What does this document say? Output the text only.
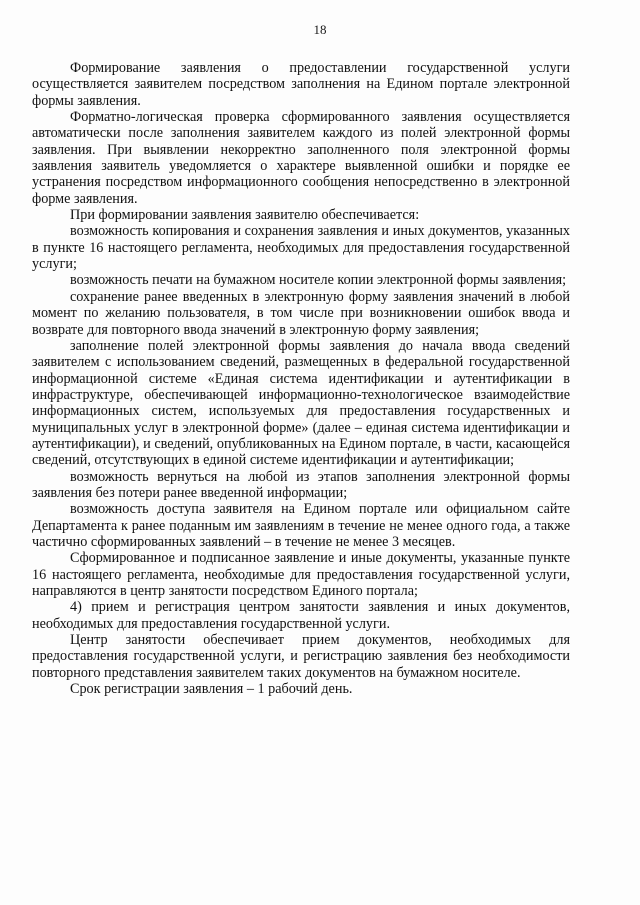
18

Формирование заявления о предоставлении государственной услуги осуществляется заявителем посредством заполнения на Едином портале электронной формы заявления.

Форматно-логическая проверка сформированного заявления осуществляется автоматически после заполнения заявителем каждого из полей электронной формы заявления. При выявлении некорректно заполненного поля электронной формы заявления заявитель уведомляется о характере выявленной ошибки и порядке ее устранения посредством информационного сообщения непосредственно в электронной форме заявления.

При формировании заявления заявителю обеспечивается:

возможность копирования и сохранения заявления и иных документов, указанных в пункте 16 настоящего регламента, необходимых для предоставления государственной услуги;

возможность печати на бумажном носителе копии электронной формы заявления;

сохранение ранее введенных в электронную форму заявления значений в любой момент по желанию пользователя, в том числе при возникновении ошибок ввода и возврате для повторного ввода значений в электронную форму заявления;

заполнение полей электронной формы заявления до начала ввода сведений заявителем с использованием сведений, размещенных в федеральной государственной информационной системе «Единая система идентификации и аутентификации в инфраструктуре, обеспечивающей информационно-технологическое взаимодействие информационных систем, используемых для предоставления государственных и муниципальных услуг в электронной форме» (далее – единая система идентификации и аутентификации), и сведений, опубликованных на Едином портале, в части, касающейся сведений, отсутствующих в единой системе идентификации и аутентификации;

возможность вернуться на любой из этапов заполнения электронной формы заявления без потери ранее введенной информации;

возможность доступа заявителя на Едином портале или официальном сайте Департамента к ранее поданным им заявлениям в течение не менее одного года, а также частично сформированных заявлений – в течение не менее 3 месяцев.

Сформированное и подписанное заявление и иные документы, указанные пункте 16 настоящего регламента, необходимые для предоставления государственной услуги, направляются в центр занятости посредством Единого портала;

4) прием и регистрация центром занятости заявления и иных документов, необходимых для предоставления государственной услуги.

Центр занятости обеспечивает прием документов, необходимых для предоставления государственной услуги, и регистрацию заявления без необходимости повторного представления заявителем таких документов на бумажном носителе.

Срок регистрации заявления – 1 рабочий день.
